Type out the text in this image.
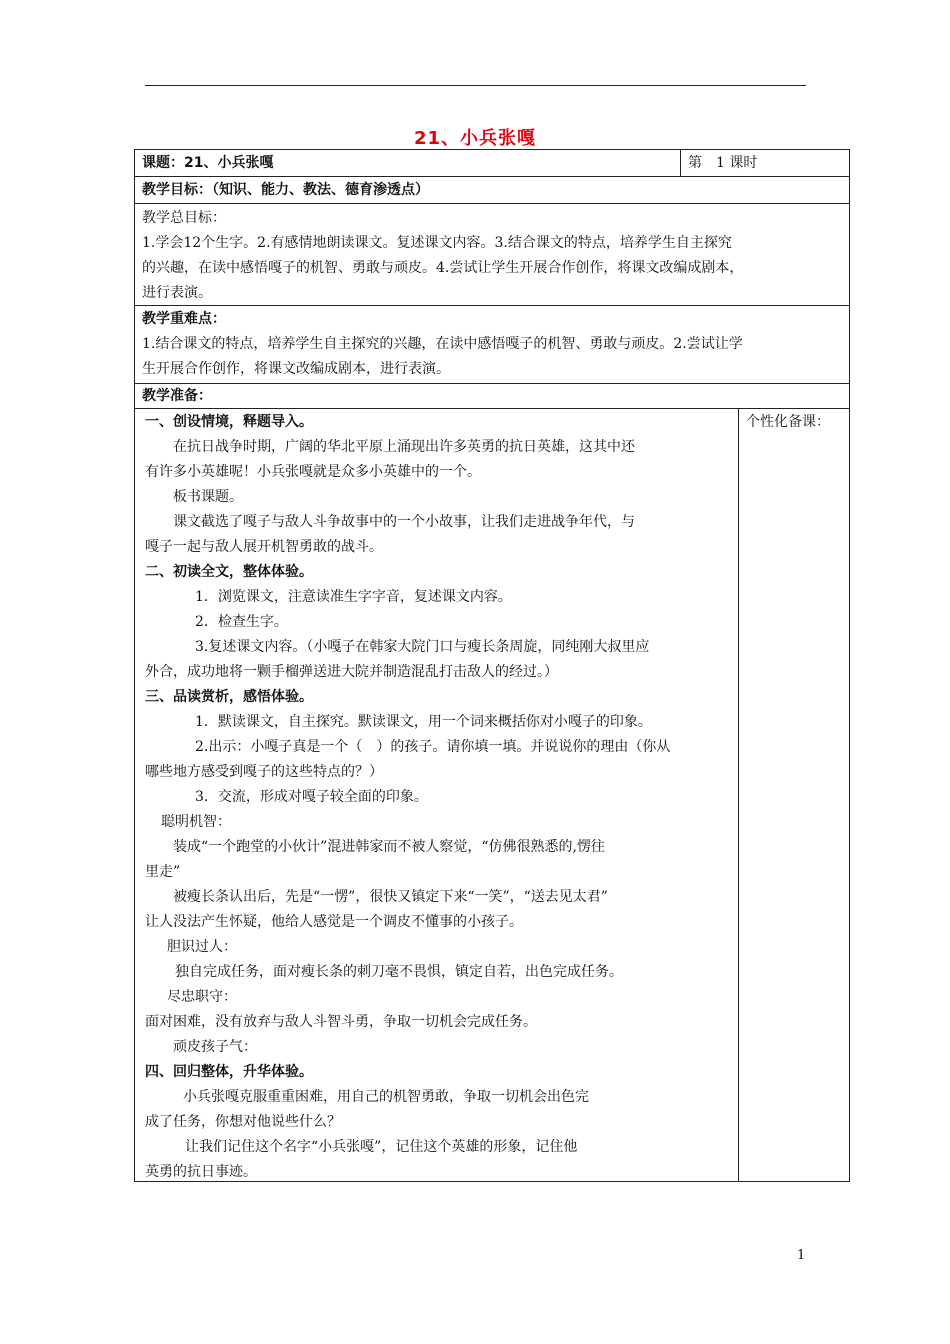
21、小兵张嘎
课题：21、小兵张嘎	第　1 课时
教学目标：（知识、能力、教法、德育渗透点）
教学总目标：
1.学会12个生字。2.有感情地朗读课文。复述课文内容。3.结合课文的特点，培养学生自主探究
的兴趣，在读中感悟嘎子的机智、勇敢与顽皮。4.尝试让学生开展合作创作，将课文改编成剧本，
进行表演。
教学重难点：
1.结合课文的特点，培养学生自主探究的兴趣，在读中感悟嘎子的机智、勇敢与顽皮。2.尝试让学
生开展合作创作，将课文改编成剧本，进行表演。
教学准备：
一、创设情境，释题导入。
在抗日战争时期，广阔的华北平原上涌现出许多英勇的抗日英雄，这其中还
有许多小英雄呢！小兵张嘎就是众多小英雄中的一个。
板书课题。
课文截选了嘎子与敌人斗争故事中的一个小故事，让我们走进战争年代，与
嘎子一起与敌人展开机智勇敢的战斗。
二、初读全文，整体体验。
1．浏览课文，注意读准生字字音，复述课文内容。
2．检查生字。
3.复述课文内容。（小嘎子在韩家大院门口与瘦长条周旋，同纯刚大叔里应
外合，成功地将一颗手榴弹送进大院并制造混乱打击敌人的经过。）
三、品读赏析，感悟体验。
1．默读课文，自主探究。默读课文，用一个词来概括你对小嘎子的印象。
2.出示：小嘎子真是一个（　）的孩子。请你填一填。并说说你的理由（你从
哪些地方感受到嘎子的这些特点的？）
3．交流，形成对嘎子较全面的印象。
聪明机智：
装成“一个跑堂的小伙计”混进韩家而不被人察觉，“仿佛很熟悉的,愣往
里走”
被瘦长条认出后，先是“一愣”，很快又镇定下来“一笑”，“送去见太君”
让人没法产生怀疑，他给人感觉是一个调皮不懂事的小孩子。
胆识过人：
独自完成任务，面对瘦长条的刺刀毫不畏惧，镇定自若，出色完成任务。
尽忠职守：
面对困难，没有放弃与敌人斗智斗勇，争取一切机会完成任务。
顽皮孩子气：
四、回归整体，升华体验。
小兵张嘎克服重重困难，用自己的机智勇敢，争取一切机会出色完
成了任务，你想对他说些什么？
让我们记住这个名字“小兵张嘎”，记住这个英雄的形象，记住他
英勇的抗日事迹。
个性化备课：
1
